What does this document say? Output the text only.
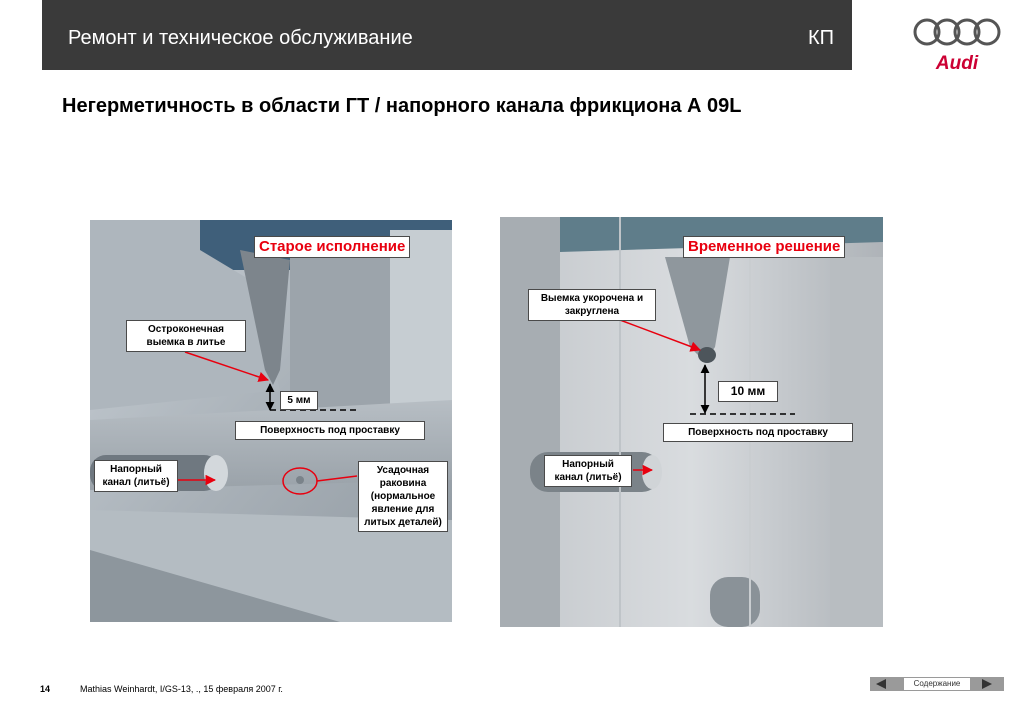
Ремонт и техническое обслуживание	КП
Audi
Негерметичность в области ГТ / напорного канала фрикциона А 09L
Старое исполнение
Остроконечная выемка в литье
5 мм
Поверхность под проставку
Напорный канал (литьё)
Усадочная раковина (нормальное явление для литых деталей)
Временное решение
Выемка укорочена и закруглена
10 мм
Поверхность под проставку
Напорный канал (литьё)
14	Mathias Weinhardt, I/GS-13, ., 15 февраля 2007 г.
Содержание
